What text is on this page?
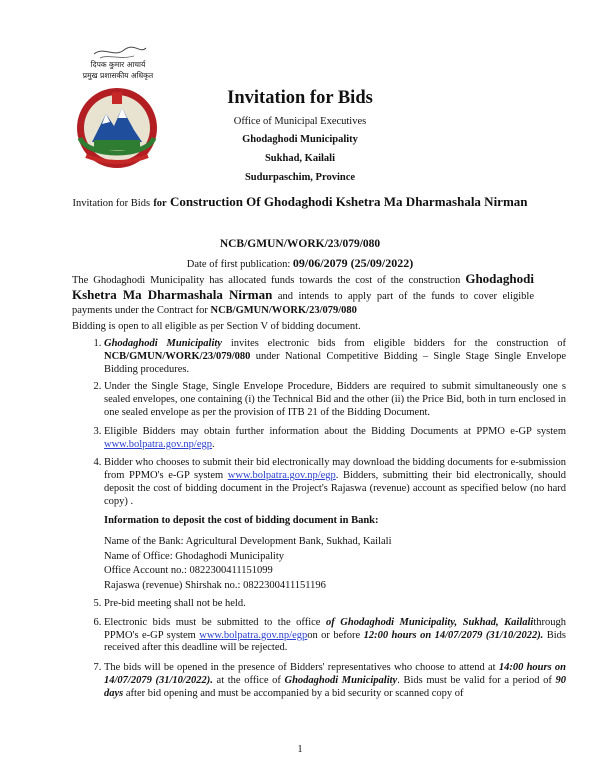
दिपक कुमार आचार्य
प्रमुख प्रशासकीय अधिकृत
Invitation for Bids
Office of Municipal Executives
Ghodaghodi Municipality
Sukhad, Kailali
Sudurpaschim, Province
Invitation for Bids for Construction Of Ghodaghodi Kshetra Ma Dharmashala Nirman
NCB/GMUN/WORK/23/079/080
Date of first publication: 09/06/2079 (25/09/2022)
The Ghodaghodi Municipality has allocated funds towards the cost of the construction Ghodaghodi Kshetra Ma Dharmashala Nirman and intends to apply part of the funds to cover eligible payments under the Contract for NCB/GMUN/WORK/23/079/080
Bidding is open to all eligible as per Section V of bidding document.
1. Ghodaghodi Municipality invites electronic bids from eligible bidders for the construction of NCB/GMUN/WORK/23/079/080 under National Competitive Bidding – Single Stage Single Envelope Bidding procedures.
2. Under the Single Stage, Single Envelope Procedure, Bidders are required to submit simultaneously one s sealed envelopes, one containing (i) the Technical Bid and the other (ii) the Price Bid, both in turn enclosed in one sealed envelope as per the provision of ITB 21 of the Bidding Document.
3. Eligible Bidders may obtain further information about the Bidding Documents at PPMO e-GP system www.bolpatra.gov.np/egp.
4. Bidder who chooses to submit their bid electronically may download the bidding documents for e-submission from PPMO's e-GP system www.bolpatra.gov.np/egp. Bidders, submitting their bid electronically, should deposit the cost of bidding document in the Project's Rajaswa (revenue) account as specified below (no hard copy) .
Information to deposit the cost of bidding document in Bank:
Name of the Bank: Agricultural Development Bank, Sukhad, Kailali
Name of Office: Ghodaghodi Municipality
Office Account no.: 0822300411151099
Rajaswa (revenue) Shirshak no.: 0822300411151196
5. Pre-bid meeting shall not be held.
6. Electronic bids must be submitted to the office of Ghodaghodi Municipality, Sukhad, Kailalithrough PPMO's e-GP system www.bolpatra.gov.np/egpon or before 12:00 hours on 14/07/2079 (31/10/2022). Bids received after this deadline will be rejected.
7. The bids will be opened in the presence of Bidders' representatives who choose to attend at 14:00 hours on 14/07/2079 (31/10/2022). at the office of Ghodaghodi Municipality. Bids must be valid for a period of 90 days after bid opening and must be accompanied by a bid security or scanned copy of
1
